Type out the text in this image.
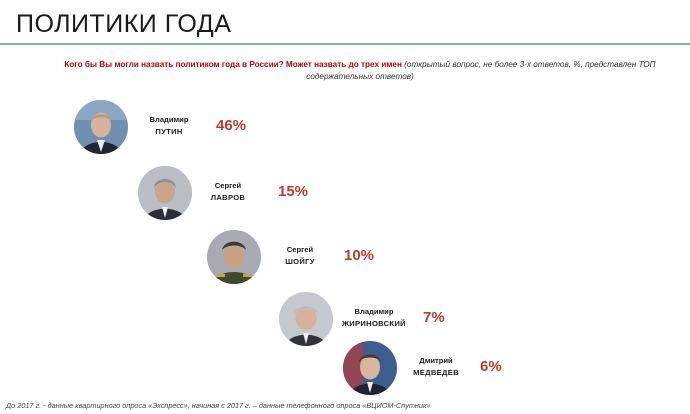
ПОЛИТИКИ ГОДА
Кого бы Вы могли назвать политиком года в России? Может назвать до трех имен (открытый вопрос, не более 3-х ответов, %, представлен ТОП содержательных ответов)
Владимир
ПУТИН	46%
Сергей
ЛАВРОВ	15%
Сергей
ШОЙГУ	10%
Владимир
ЖИРИНОВСКИЙ	7%
Дмитрий
МЕДВЕДЕВ	6%
До 2017 г. - данные квартирного опроса «Экспресс», начиная с 2017 г. – данные телефонного опроса «ВЦИОМ-Спутник»
